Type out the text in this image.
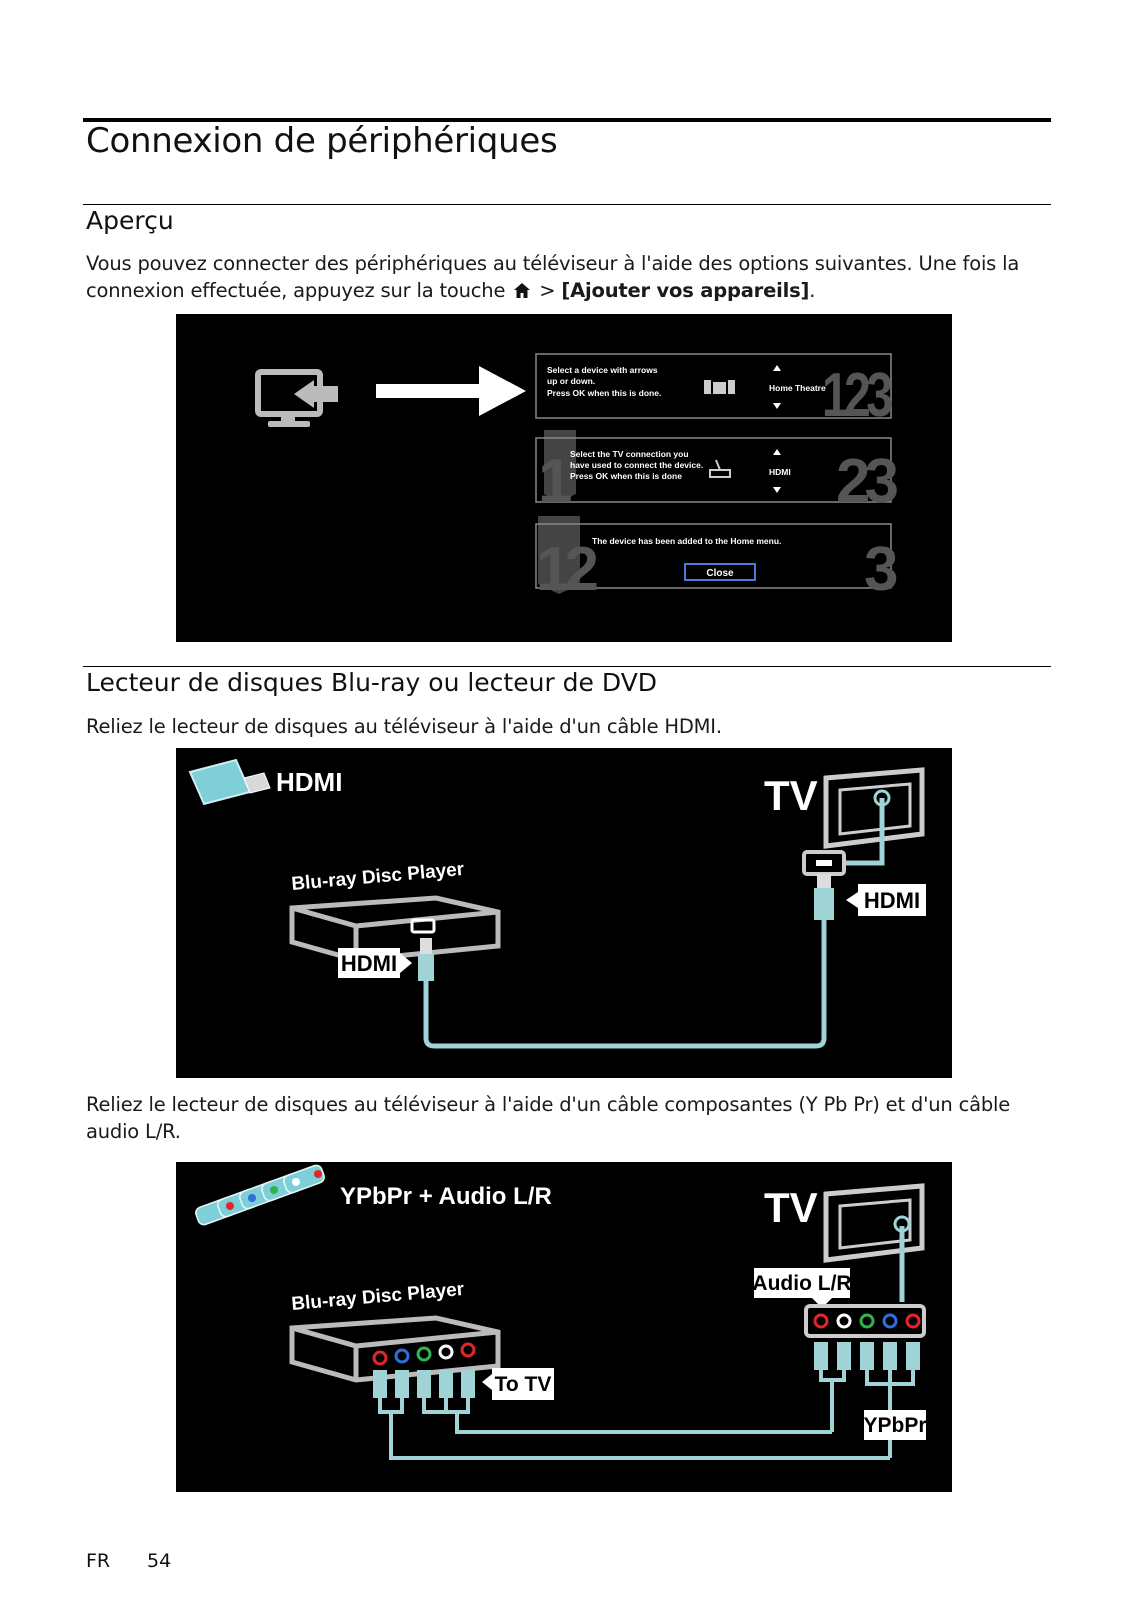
Connexion de périphériques
Aperçu

Vous pouvez connecter des périphériques au téléviseur à l'aide des options suivantes. Une fois la connexion effectuée, appuyez sur la touche > [Ajouter vos appareils].

Select a device with arrows
up or down.
Press OK when this is done.	Home Theatre
123
1
Select the TV connection you
have used to connect the device.
Press OK when this is done	HDMI 23
12 The device has been added to the Home menu.
Close 3
Lecteur de disques Blu-ray ou lecteur de DVD

Reliez le lecteur de disques au téléviseur à l'aide d'un câble HDMI.

HDMI	TV
Blu-ray Disc Player
HDMI
HDMI

Reliez le lecteur de disques au téléviseur à l'aide d'un câble composantes (Y Pb Pr) et d'un câble audio L/R.

YPbPr + Audio L/R	TV
Audio L/R
YPbPr
Blu-ray Disc Player
To TV
FR 54
